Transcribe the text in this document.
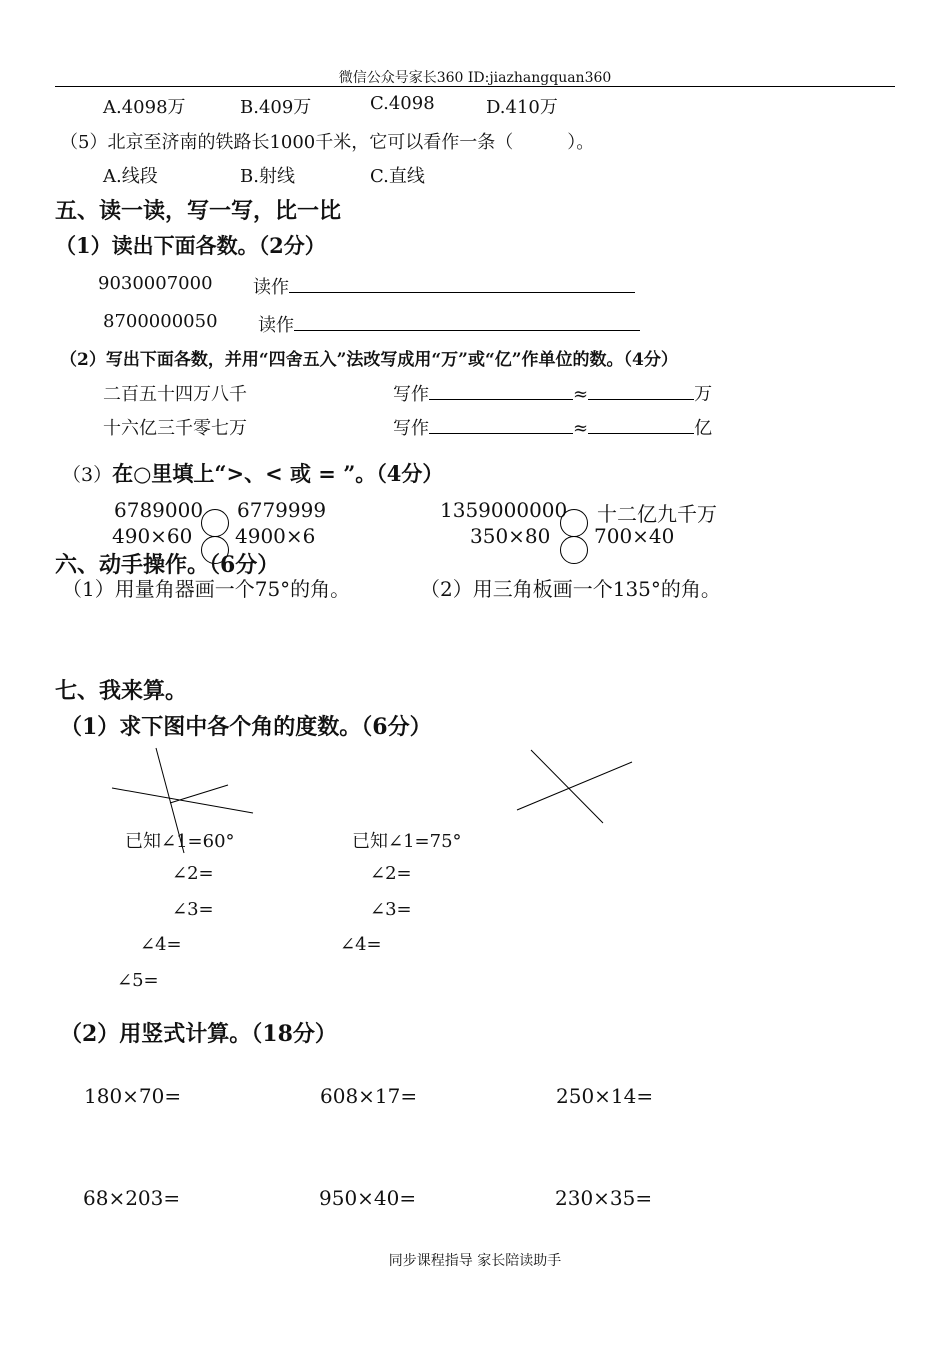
微信公众号家长360 ID:jiazhangquan360
A.4098万	B.409万	C.4098	D.410万
（5）北京至济南的铁路长1000千米，它可以看作一条（　　　）。
A.线段	B.射线	C.直线
五、读一读，写一写，比一比
（1）读出下面各数。（2分）
9030007000 读作
8700000050 读作
（2）写出下面各数，并用“四舍五入”法改写成用“万”或“亿”作单位的数。（4分）
二百五十四万八千	写作	≈	万
十六亿三千零七万	写作	≈	亿
（3）在○里填上“>、< 或 = ”。（4分）
6789000 6779999	1359000000 十二亿九千万
490×60 4900×6	350×80 700×40
六、动手操作。（6分）
（1）用量角器画一个75°的角。	（2）用三角板画一个135°的角。
七、我来算。
（1）求下图中各个角的度数。（6分）
已知∠1=60°
∠2=
∠3=
∠4=
∠5=
已知∠1=75°
∠2=
∠3=
∠4=
（2）用竖式计算。（18分）
180×70=	608×17=	250×14=
68×203=	950×40=	230×35=
同步课程指导 家长陪读助手
